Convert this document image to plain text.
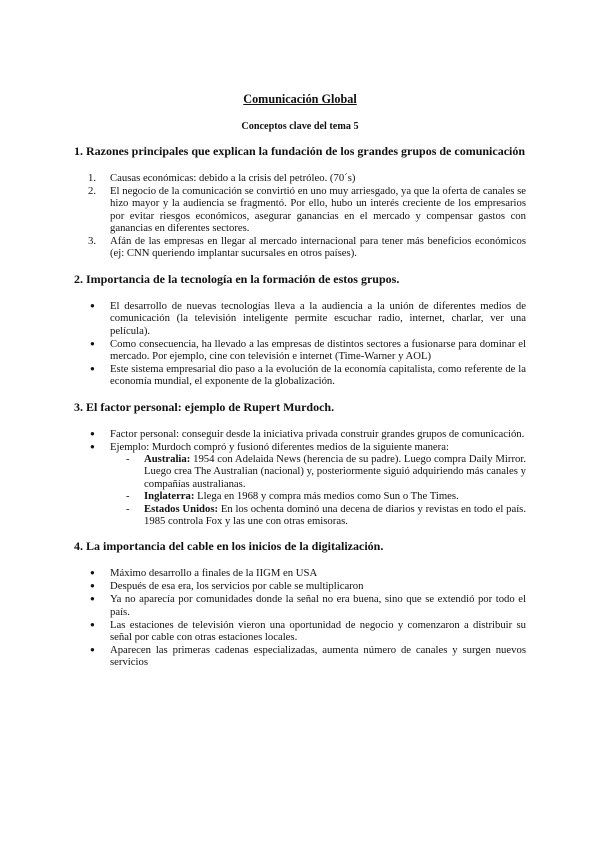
Comunicación Global
Conceptos clave del tema 5
1. Razones principales que explican la fundación de los grandes grupos de comunicación
1. Causas económicas: debido a la crisis del petróleo. (70´s)
2. El negocio de la comunicación se convirtió en uno muy arriesgado, ya que la oferta de canales se hizo mayor y la audiencia se fragmentó. Por ello, hubo un interés creciente de los empresarios por evitar riesgos económicos, asegurar ganancias en el mercado y compensar gastos con ganancias en diferentes sectores.
3. Afán de las empresas en llegar al mercado internacional para tener más beneficios económicos (ej: CNN queriendo implantar sucursales en otros países).
2. Importancia de la tecnología en la formación de estos grupos.
● El desarrollo de nuevas tecnologías lleva a la audiencia a la unión de diferentes medios de comunicación (la televisión inteligente permite escuchar radio, internet, charlar, ver una película).
● Como consecuencia, ha llevado a las empresas de distintos sectores a fusionarse para dominar el mercado. Por ejemplo, cine con televisión e internet (Time-Warner y AOL)
● Este sistema empresarial dio paso a la evolución de la economía capitalista, como referente de la economía mundial, el exponente de la globalización.
3. El factor personal: ejemplo de Rupert Murdoch.
● Factor personal: conseguir desde la iniciativa privada construir grandes grupos de comunicación.
● Ejemplo: Murdoch compró y fusionó diferentes medios de la siguiente manera:
- Australia: 1954 con Adelaida News (herencia de su padre). Luego compra Daily Mirror. Luego crea The Australian (nacional) y, posteriormente siguió adquiriendo más canales y compañías australianas.
- Inglaterra: Llega en 1968 y compra más medios como Sun o The Times.
- Estados Unidos: En los ochenta dominó una decena de diarios y revistas en todo el país. 1985 controla Fox y las une con otras emisoras.
4. La importancia del cable en los inicios de la digitalización.
● Máximo desarrollo a finales de la IIGM en USA
● Después de esa era, los servicios por cable se multiplicaron
● Ya no aparecía por comunidades donde la señal no era buena, sino que se extendió por todo el país.
● Las estaciones de televisión vieron una oportunidad de negocio y comenzaron a distribuir su señal por cable con otras estaciones locales.
● Aparecen las primeras cadenas especializadas, aumenta número de canales y surgen nuevos servicios
